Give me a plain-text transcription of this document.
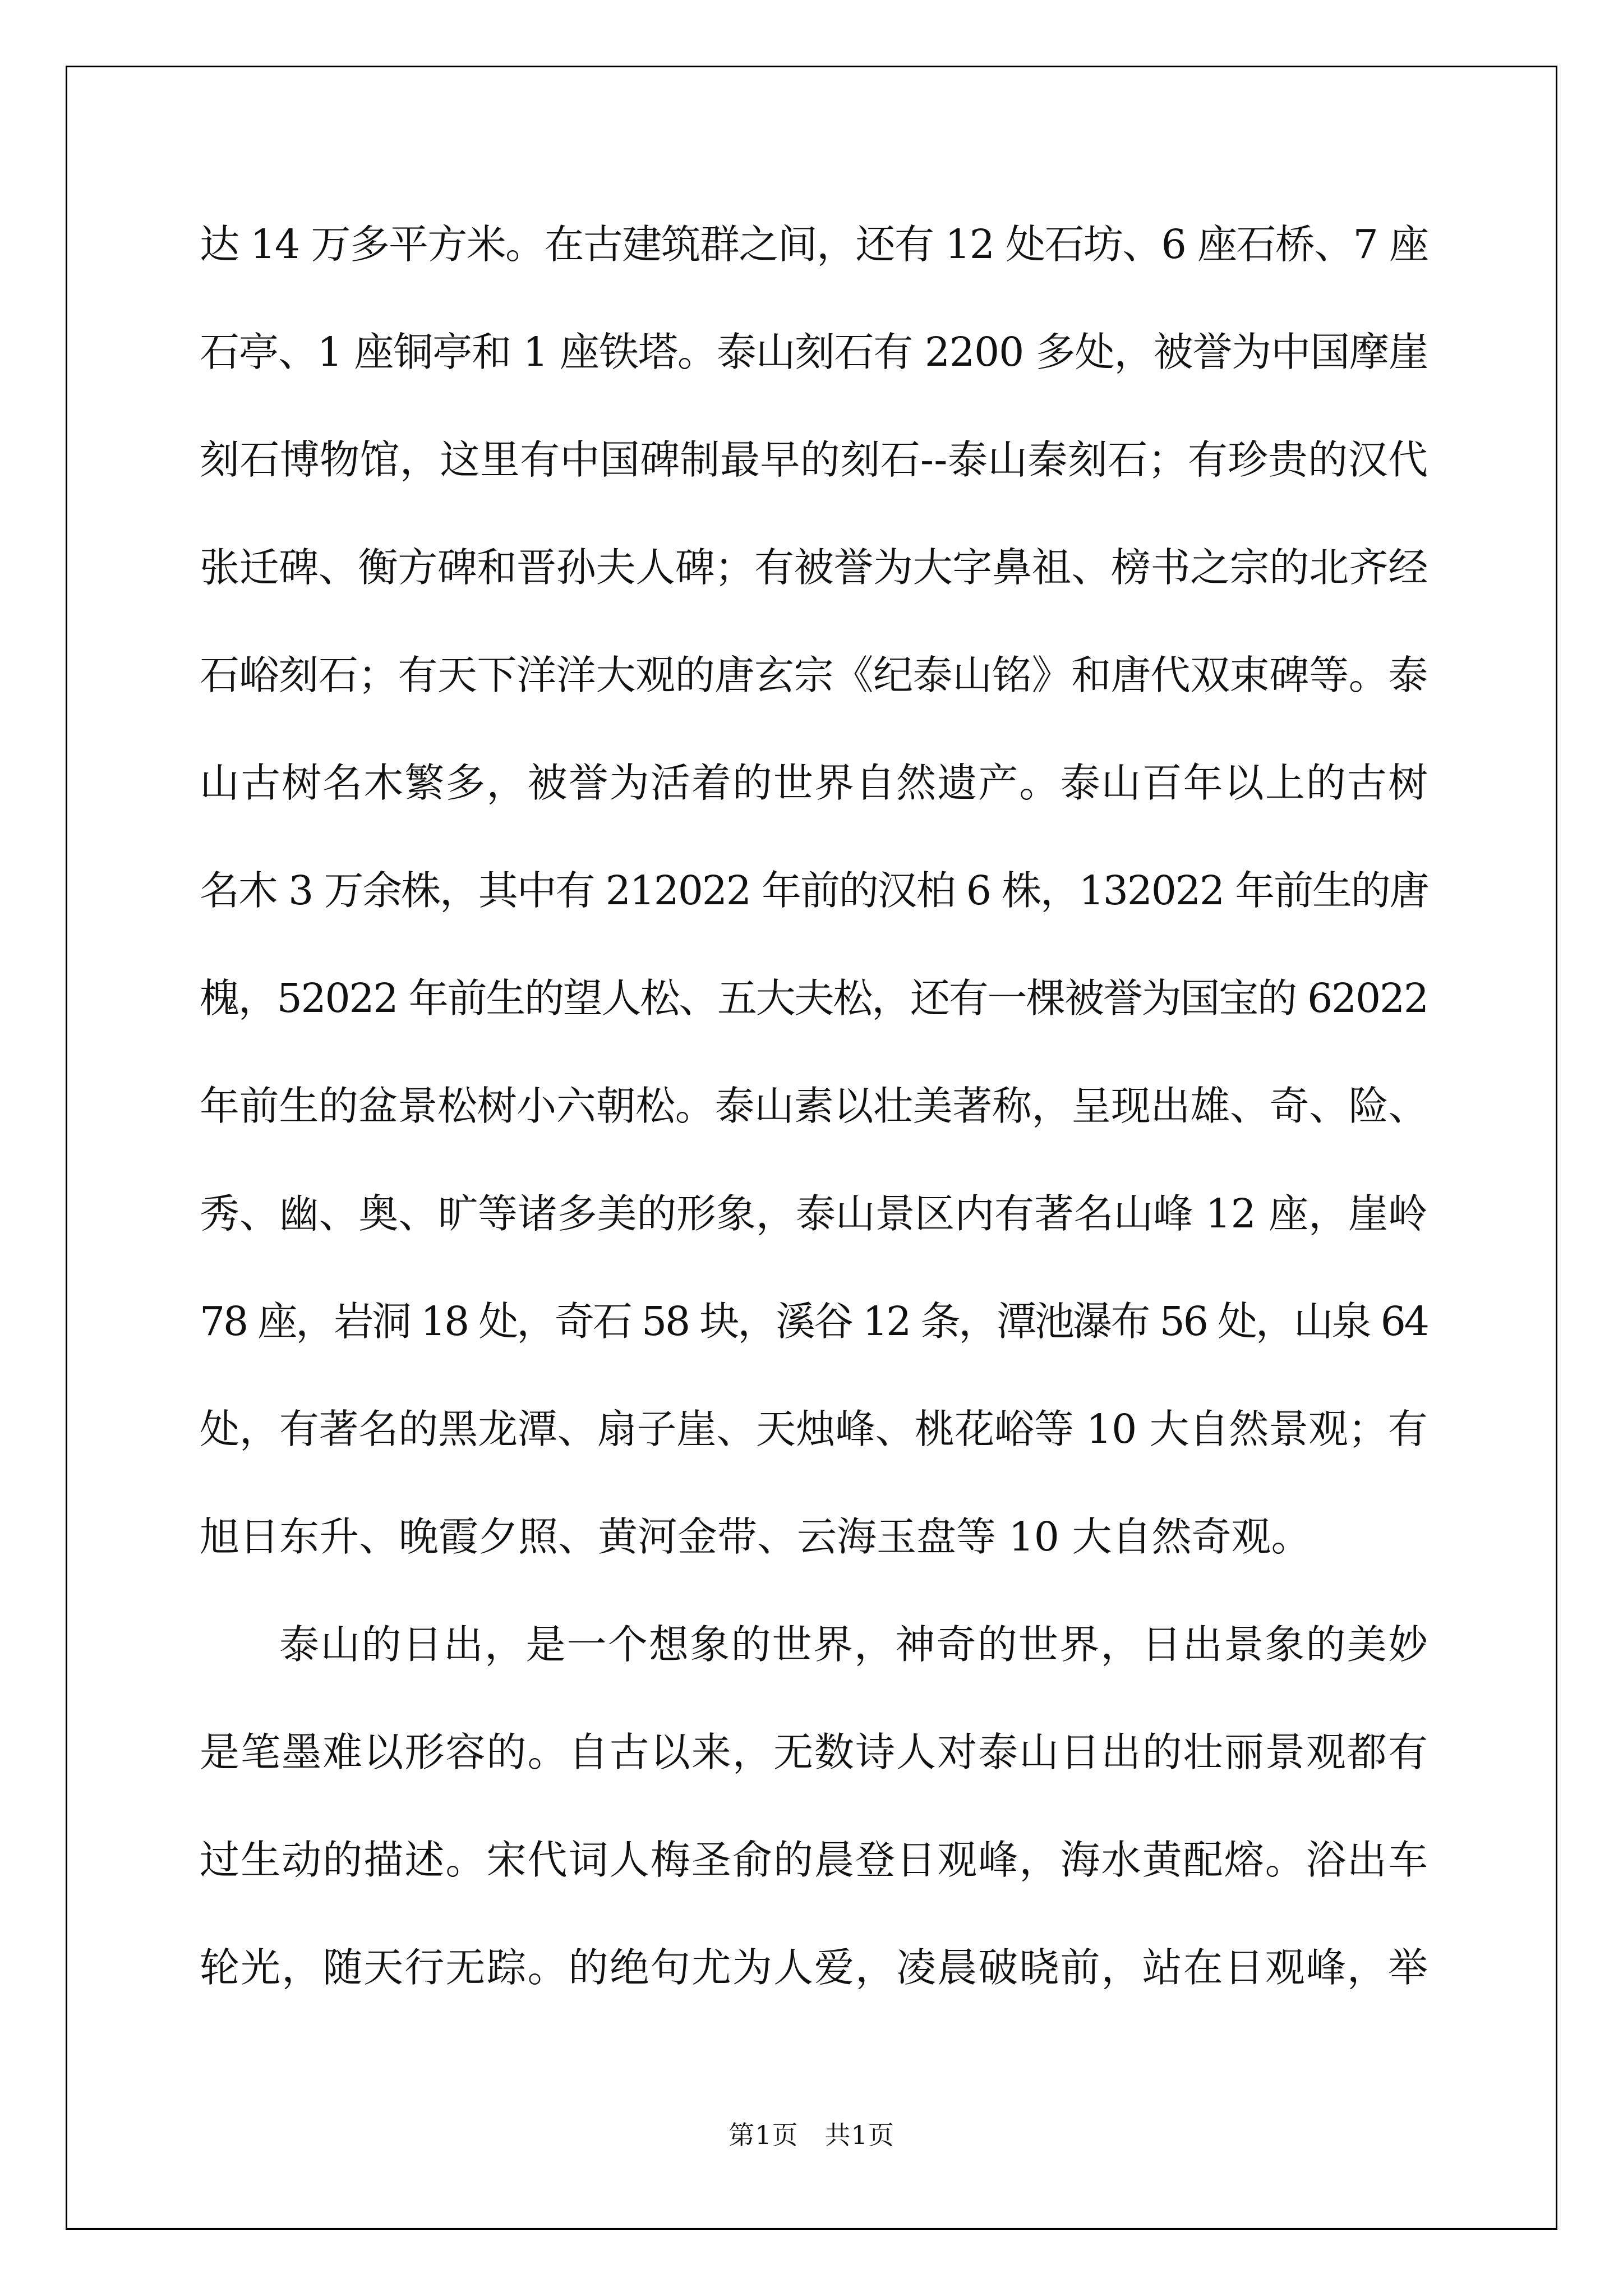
达 14 万多平方米。在古建筑群之间，还有 12 处石坊、6 座石桥、7 座
石亭、1 座铜亭和 1 座铁塔。泰山刻石有 2200 多处，被誉为中国摩崖
刻石博物馆，这里有中国碑制最早的刻石--泰山秦刻石；有珍贵的汉代
张迁碑、衡方碑和晋孙夫人碑；有被誉为大字鼻祖、榜书之宗的北齐经
石峪刻石；有天下洋洋大观的唐玄宗《纪泰山铭》和唐代双束碑等。泰
山古树名木繁多，被誉为活着的世界自然遗产。泰山百年以上的古树
名木 3 万余株，其中有 212022 年前的汉柏 6 株，132022 年前生的唐
槐，52022 年前生的望人松、五大夫松，还有一棵被誉为国宝的 62022
年前生的盆景松树小六朝松。泰山素以壮美著称，呈现出雄、奇、险、
秀、幽、奥、旷等诸多美的形象，泰山景区内有著名山峰 12 座，崖岭
78 座，岩洞 18 处，奇石 58 块，溪谷 12 条，潭池瀑布 56 处，山泉 64
处，有著名的黑龙潭、扇子崖、天烛峰、桃花峪等 10 大自然景观；有
旭日东升、晚霞夕照、黄河金带、云海玉盘等 10 大自然奇观。
泰山的日出，是一个想象的世界，神奇的世界，日出景象的美妙
是笔墨难以形容的。自古以来，无数诗人对泰山日出的壮丽景观都有
过生动的描述。宋代词人梅圣俞的晨登日观峰，海水黄配熔。浴出车
轮光，随天行无踪。的绝句尤为人爱，凌晨破晓前，站在日观峰，举
第1页　共1页
